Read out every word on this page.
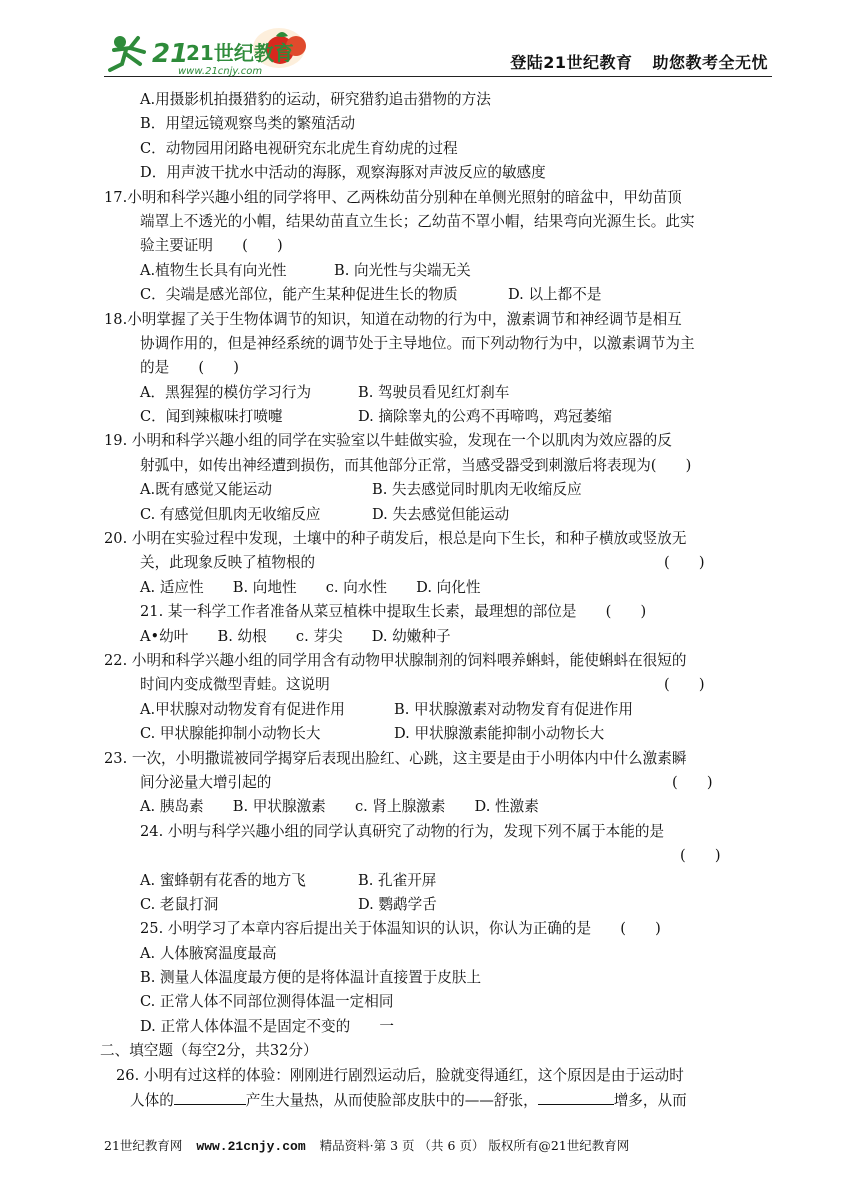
21
21世纪教育
www.21cnjy.com	登陆21世纪教育 助您教考全无忧
A.用摄影机拍摄猎豹的运动，研究猎豹追击猎物的方法
B．用望远镜观察鸟类的繁殖活动
C．动物园用闭路电视研究东北虎生育幼虎的过程
D．用声波干扰水中活动的海豚，观察海豚对声波反应的敏感度
17.小明和科学兴趣小组的同学将甲、乙两株幼苗分别种在单侧光照射的暗盆中，甲幼苗顶
端罩上不透光的小帽，结果幼苗直立生长；乙幼苗不罩小帽，结果弯向光源生长。此实
验主要证明　　(　　)
A.植物生长具有向光性	B. 向光性与尖端无关
C．尖端是感光部位，能产生某种促进生长的物质	D. 以上都不是
18.小明掌握了关于生物体调节的知识，知道在动物的行为中，激素调节和神经调节是相互
协调作用的，但是神经系统的调节处于主导地位。而下列动物行为中，以激素调节为主
的是　　(　　)
A．黑猩猩的模仿学习行为	B. 驾驶员看见红灯刹车
C．闻到辣椒味打喷嚏	D. 摘除睾丸的公鸡不再啼鸣，鸡冠萎缩
19. 小明和科学兴趣小组的同学在实验室以牛蛙做实验，发现在一个以肌肉为效应器的反
射弧中，如传出神经遭到损伤，而其他部分正常，当感受器受到刺激后将表现为(　　)
A.既有感觉又能运动	B. 失去感觉同时肌肉无收缩反应
C. 有感觉但肌肉无收缩反应	D. 失去感觉但能运动
20. 小明在实验过程中发现，土壤中的种子萌发后，根总是向下生长，和种子横放或竖放无
关，此现象反映了植物根的	(　　)
A. 适应性　　B. 向地性　　c. 向水性　　D. 向化性
21. 某一科学工作者准备从菜豆植株中提取生长素，最理想的部位是　　(　　)
A•幼叶　　B. 幼根　　c. 芽尖　　D. 幼嫩种子
22. 小明和科学兴趣小组的同学用含有动物甲状腺制剂的饲料喂养蝌蚪，能使蝌蚪在很短的
时间内变成微型青蛙。这说明	(　　)
A.甲状腺对动物发育有促进作用	B. 甲状腺激素对动物发育有促进作用
C. 甲状腺能抑制小动物长大	D. 甲状腺激素能抑制小动物长大
23. 一次，小明撒谎被同学揭穿后表现出脸红、心跳，这主要是由于小明体内中什么激素瞬
间分泌量大增引起的	(　　)
A. 胰岛素　　B. 甲状腺激素　　c. 肾上腺激素　　D. 性激素
24. 小明与科学兴趣小组的同学认真研究了动物的行为，发现下列不属于本能的是
(　　)
A. 蜜蜂朝有花香的地方飞	B. 孔雀开屏
C. 老鼠打洞	D. 鹦鹉学舌
25. 小明学习了本章内容后提出关于体温知识的认识，你认为正确的是　　(　　)
A. 人体腋窝温度最高
B. 测量人体温度最方便的是将体温计直接置于皮肤上
C. 正常人体不同部位测得体温一定相同
D. 正常人体体温不是固定不变的　　一
二、填空题（每空2分，共32分）
26. 小明有过这样的体验：刚刚进行剧烈运动后，脸就变得通红，这个原因是由于运动时
人体的	产生大量热，从而使脸部皮肤中的——舒张，	增多，从而
21世纪教育网 www.21cnjy.com 精品资料·第 3 页 （共 6 页） 版权所有@21世纪教育网
